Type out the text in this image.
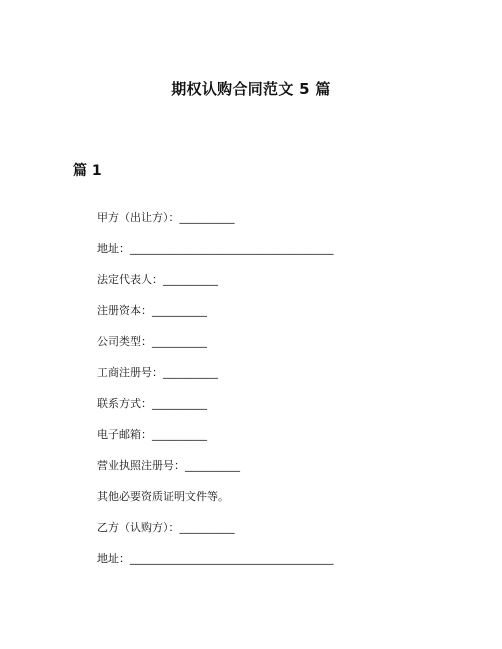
期权认购合同范文 5 篇
篇 1
甲方（出让方）：__________
地址：_____________________________________
法定代表人：__________
注册资本：__________
公司类型：__________
工商注册号：__________
联系方式：__________
电子邮箱：__________
营业执照注册号：__________
其他必要资质证明文件等。
乙方（认购方）：__________
地址：_____________________________________
